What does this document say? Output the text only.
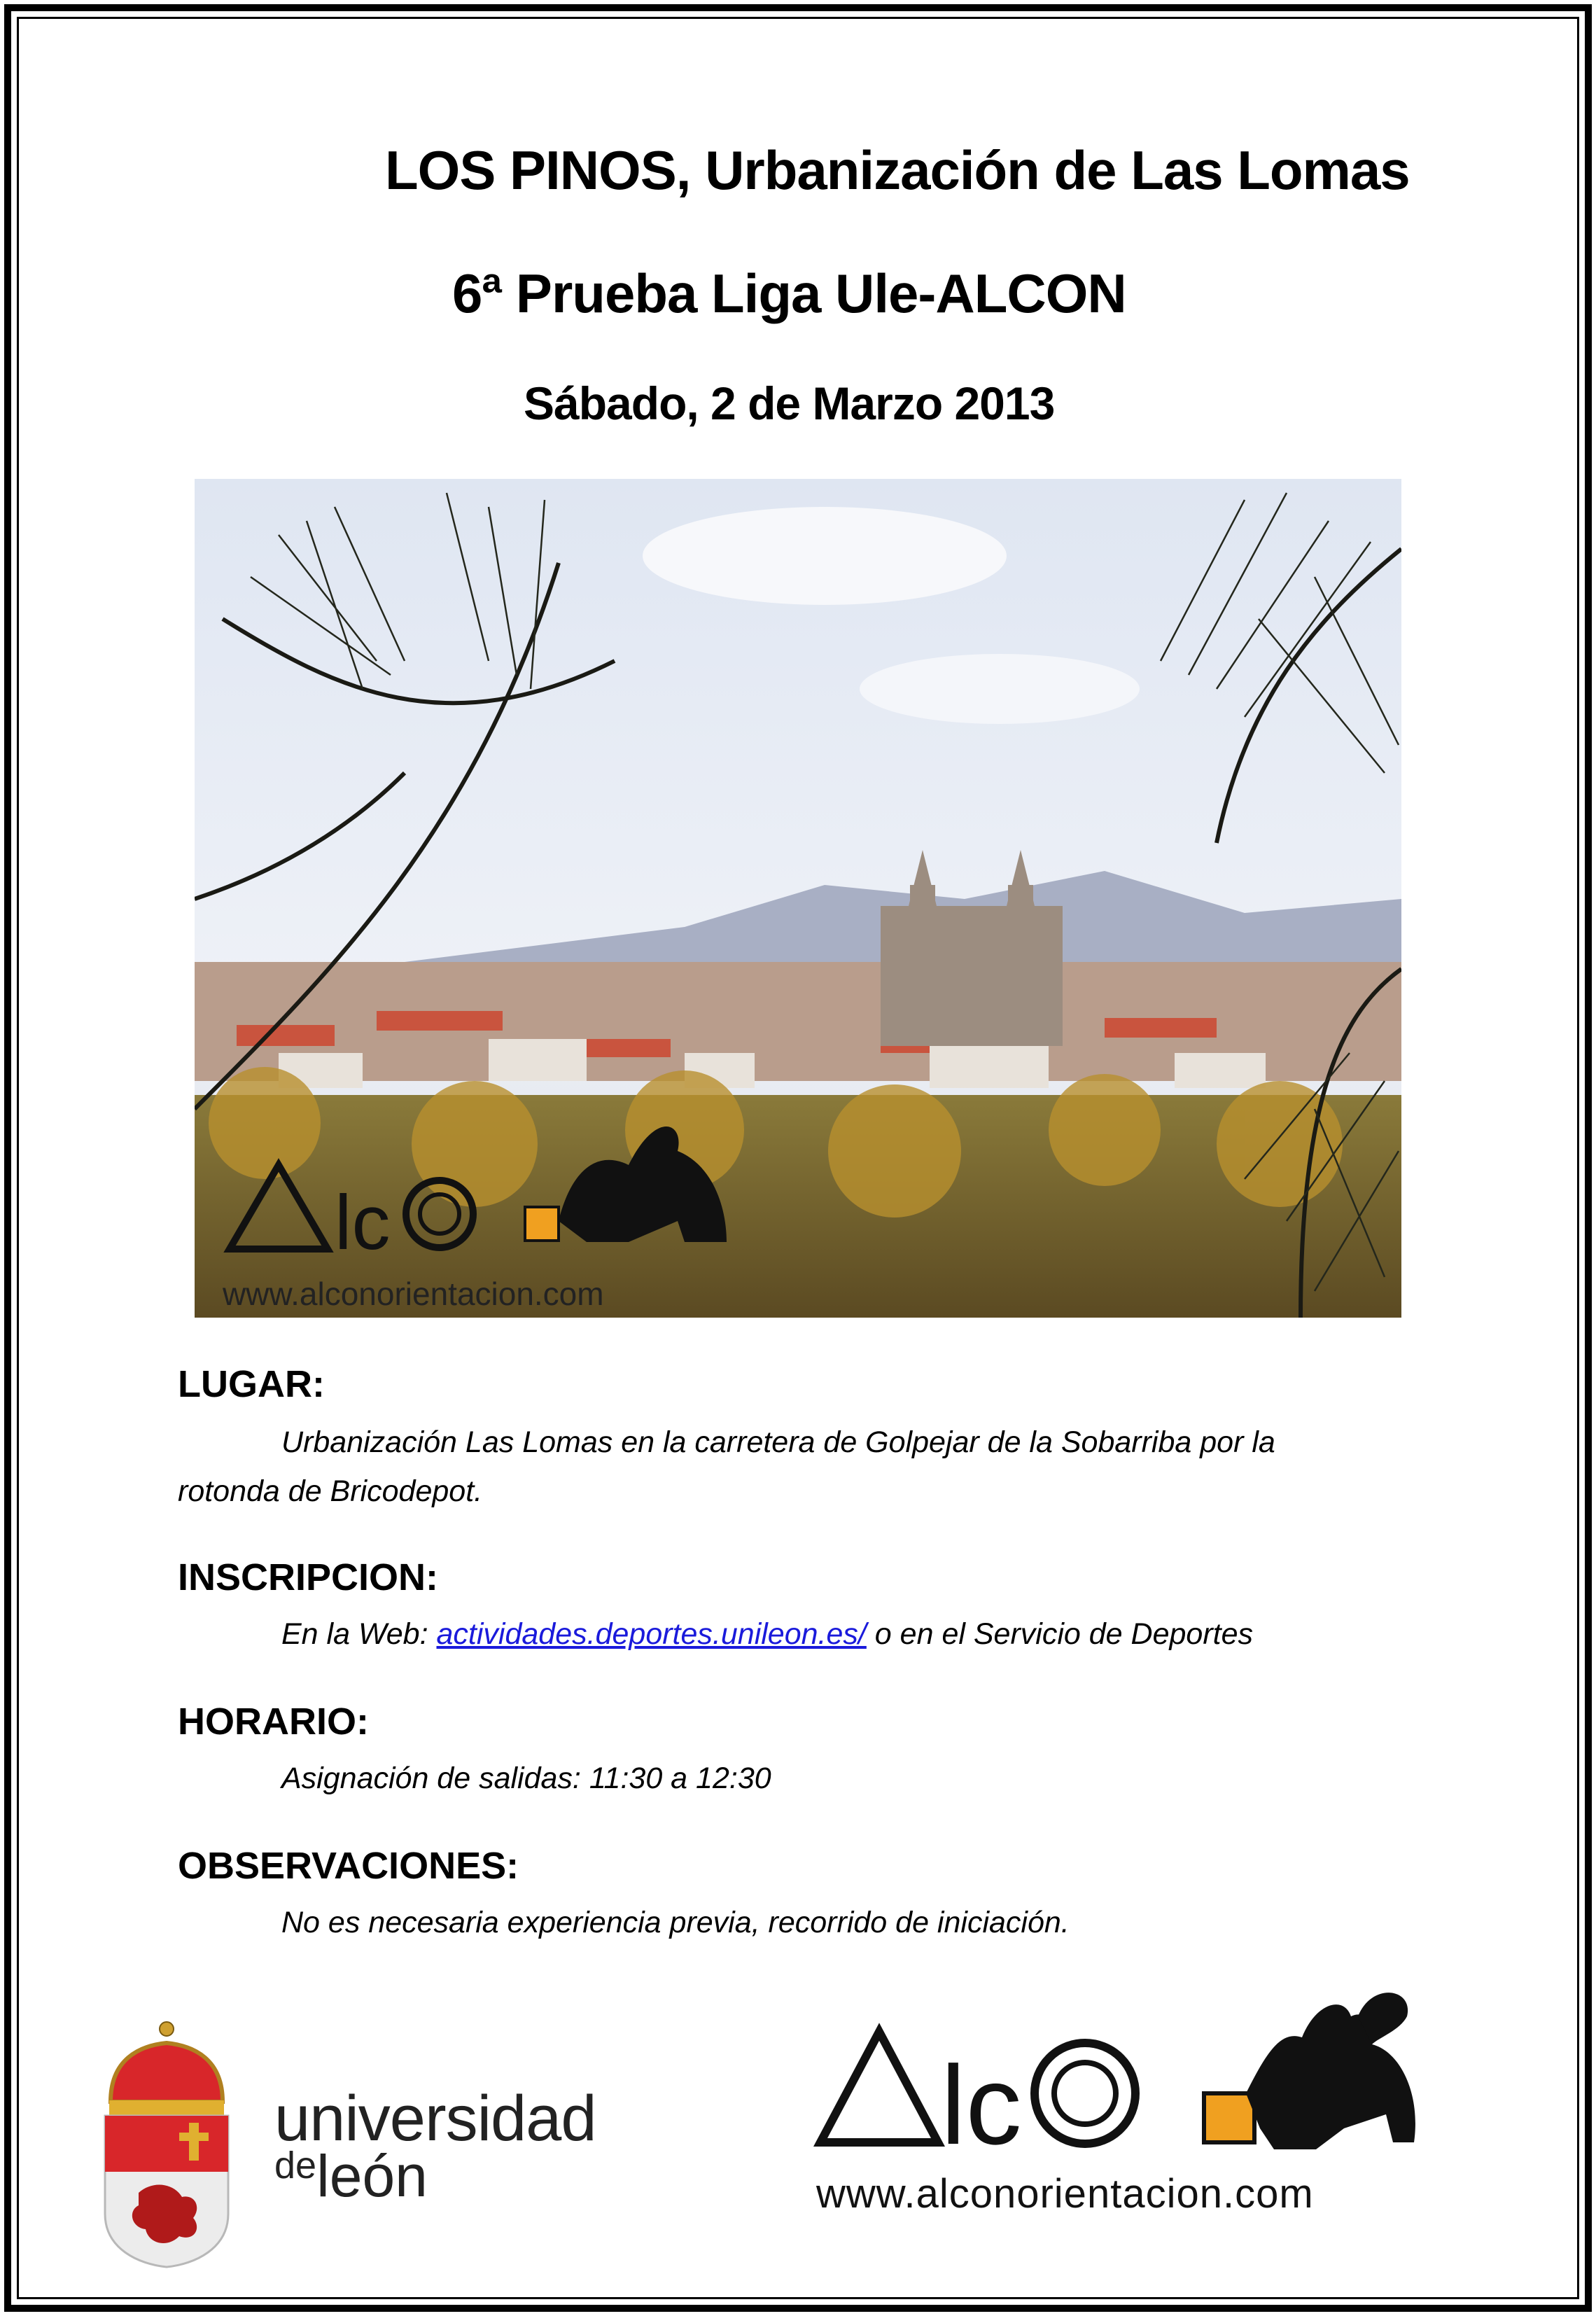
LOS PINOS, Urbanización de Las Lomas
6ª Prueba Liga Ule-ALCON
Sábado, 2 de Marzo 2013
lc
www.alconorientacion.com
LUGAR:
Urbanización Las Lomas en la carretera de Golpejar de la Sobarriba por la
rotonda de Bricodepot.
INSCRIPCION:
En la Web: actividades.deportes.unileon.es/ o en el Servicio de Deportes
HORARIO:
Asignación de salidas: 11:30 a 12:30
OBSERVACIONES:
No es necesaria experiencia previa, recorrido de iniciación.
universidad
$^{de}$león
lc
www.alconorientacion.com
